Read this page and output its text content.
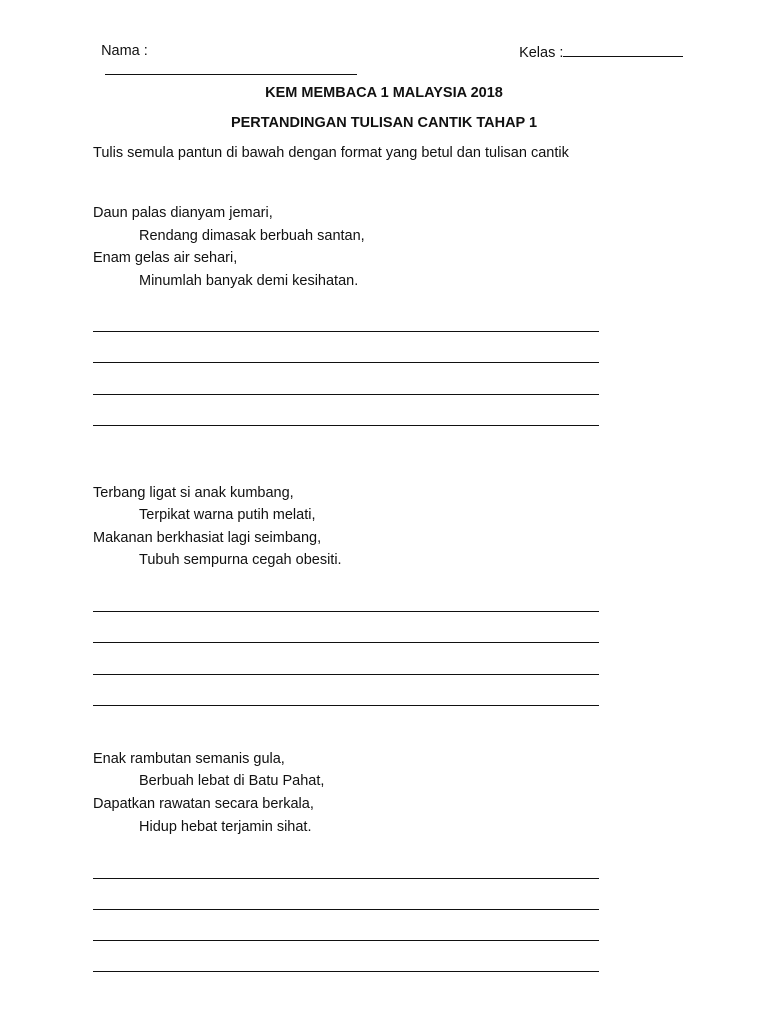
Nama :
	Kelas :

KEM MEMBACA 1 MALAYSIA 2018
PERTANDINGAN TULISAN CANTIK TAHAP 1
Tulis semula pantun di bawah dengan format yang betul dan tulisan cantik
Daun palas dianyam jemari,
Rendang dimasak berbuah santan,
Enam gelas air sehari,
Minumlah banyak demi kesihatan.
Terbang ligat si anak kumbang,
Terpikat warna putih melati,
Makanan berkhasiat lagi seimbang,
Tubuh sempurna cegah obesiti.
Enak rambutan semanis gula,
Berbuah lebat di Batu Pahat,
Dapatkan rawatan secara berkala,
Hidup hebat terjamin sihat.
